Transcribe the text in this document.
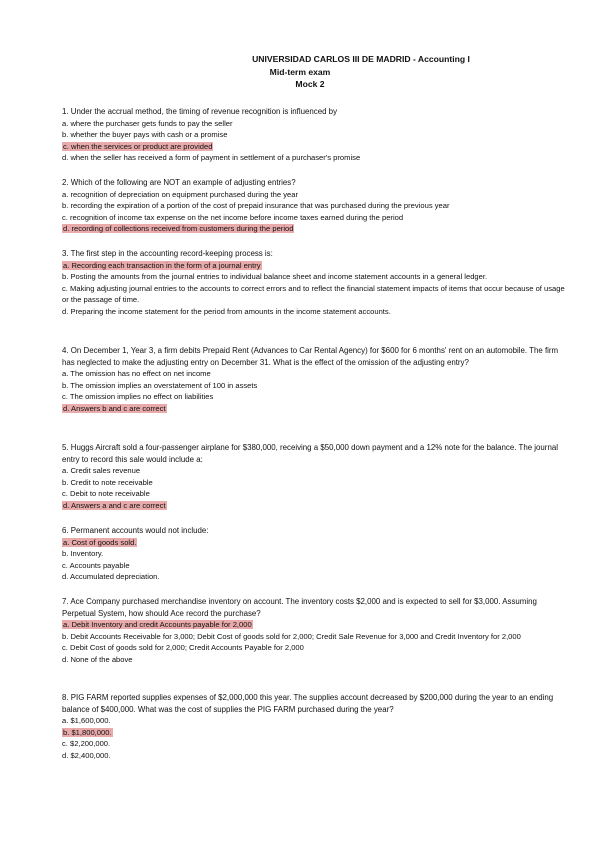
UNIVERSIDAD CARLOS III DE MADRID - Accounting I
Mid-term exam
Mock 2
1. Under the accrual method, the timing of revenue recognition is influenced by
a. where the purchaser gets funds to pay the seller
b. whether the buyer pays with cash or a promise
c. when the services or product are provided
d. when the seller has received a form of payment in settlement of a purchaser's promise
2. Which of the following are NOT an example of adjusting entries?
a. recognition of depreciation on equipment purchased during the year
b. recording the expiration of a portion of the cost of prepaid insurance that was purchased during the previous year
c. recognition of income tax expense on the net income before income taxes earned during the period
d. recording of collections received from customers during the period
3. The first step in the accounting record-keeping process is:
a. Recording each transaction in the form of a journal entry
b. Posting the amounts from the journal entries to individual balance sheet and income statement accounts in a general ledger.
c. Making adjusting journal entries to the accounts to correct errors and to reflect the financial statement impacts of items that occur because of usage or the passage of time.
d. Preparing the income statement for the period from amounts in the income statement accounts.
4. On December 1, Year 3, a firm debits Prepaid Rent (Advances to Car Rental Agency) for $600 for 6 months' rent on an automobile. The firm has neglected to make the adjusting entry on December 31. What is the effect of the omission of the adjusting entry?
a. The omission has no effect on net income
b. The omission implies an overstatement of 100 in assets
c. The omission implies no effect on liabilities
d. Answers b and c are correct
5. Huggs Aircraft sold a four-passenger airplane for $380,000, receiving a $50,000 down payment and a 12% note for the balance. The journal entry to record this sale would include a:
a. Credit sales revenue
b. Credit to note receivable
c. Debit to note receivable
d. Answers a and c are correct
6. Permanent accounts would not include:
a. Cost of goods sold.
b. Inventory.
c. Accounts payable
d. Accumulated depreciation.
7. Ace Company purchased merchandise inventory on account. The inventory costs $2,000 and is expected to sell for $3,000. Assuming Perpetual System, how should Ace record the purchase?
a. Debit Inventory and credit Accounts payable for 2,000
b. Debit Accounts Receivable for 3,000; Debit Cost of goods sold for 2,000; Credit Sale Revenue for 3,000 and Credit Inventory for 2,000
c. Debit Cost of goods sold for 2,000; Credit Accounts Payable for 2,000
d. None of the above
8. PIG FARM reported supplies expenses of $2,000,000 this year. The supplies account decreased by $200,000 during the year to an ending balance of $400,000. What was the cost of supplies the PIG FARM purchased during the year?
a. $1,600,000.
b. $1,800,000.
c. $2,200,000.
d. $2,400,000.
